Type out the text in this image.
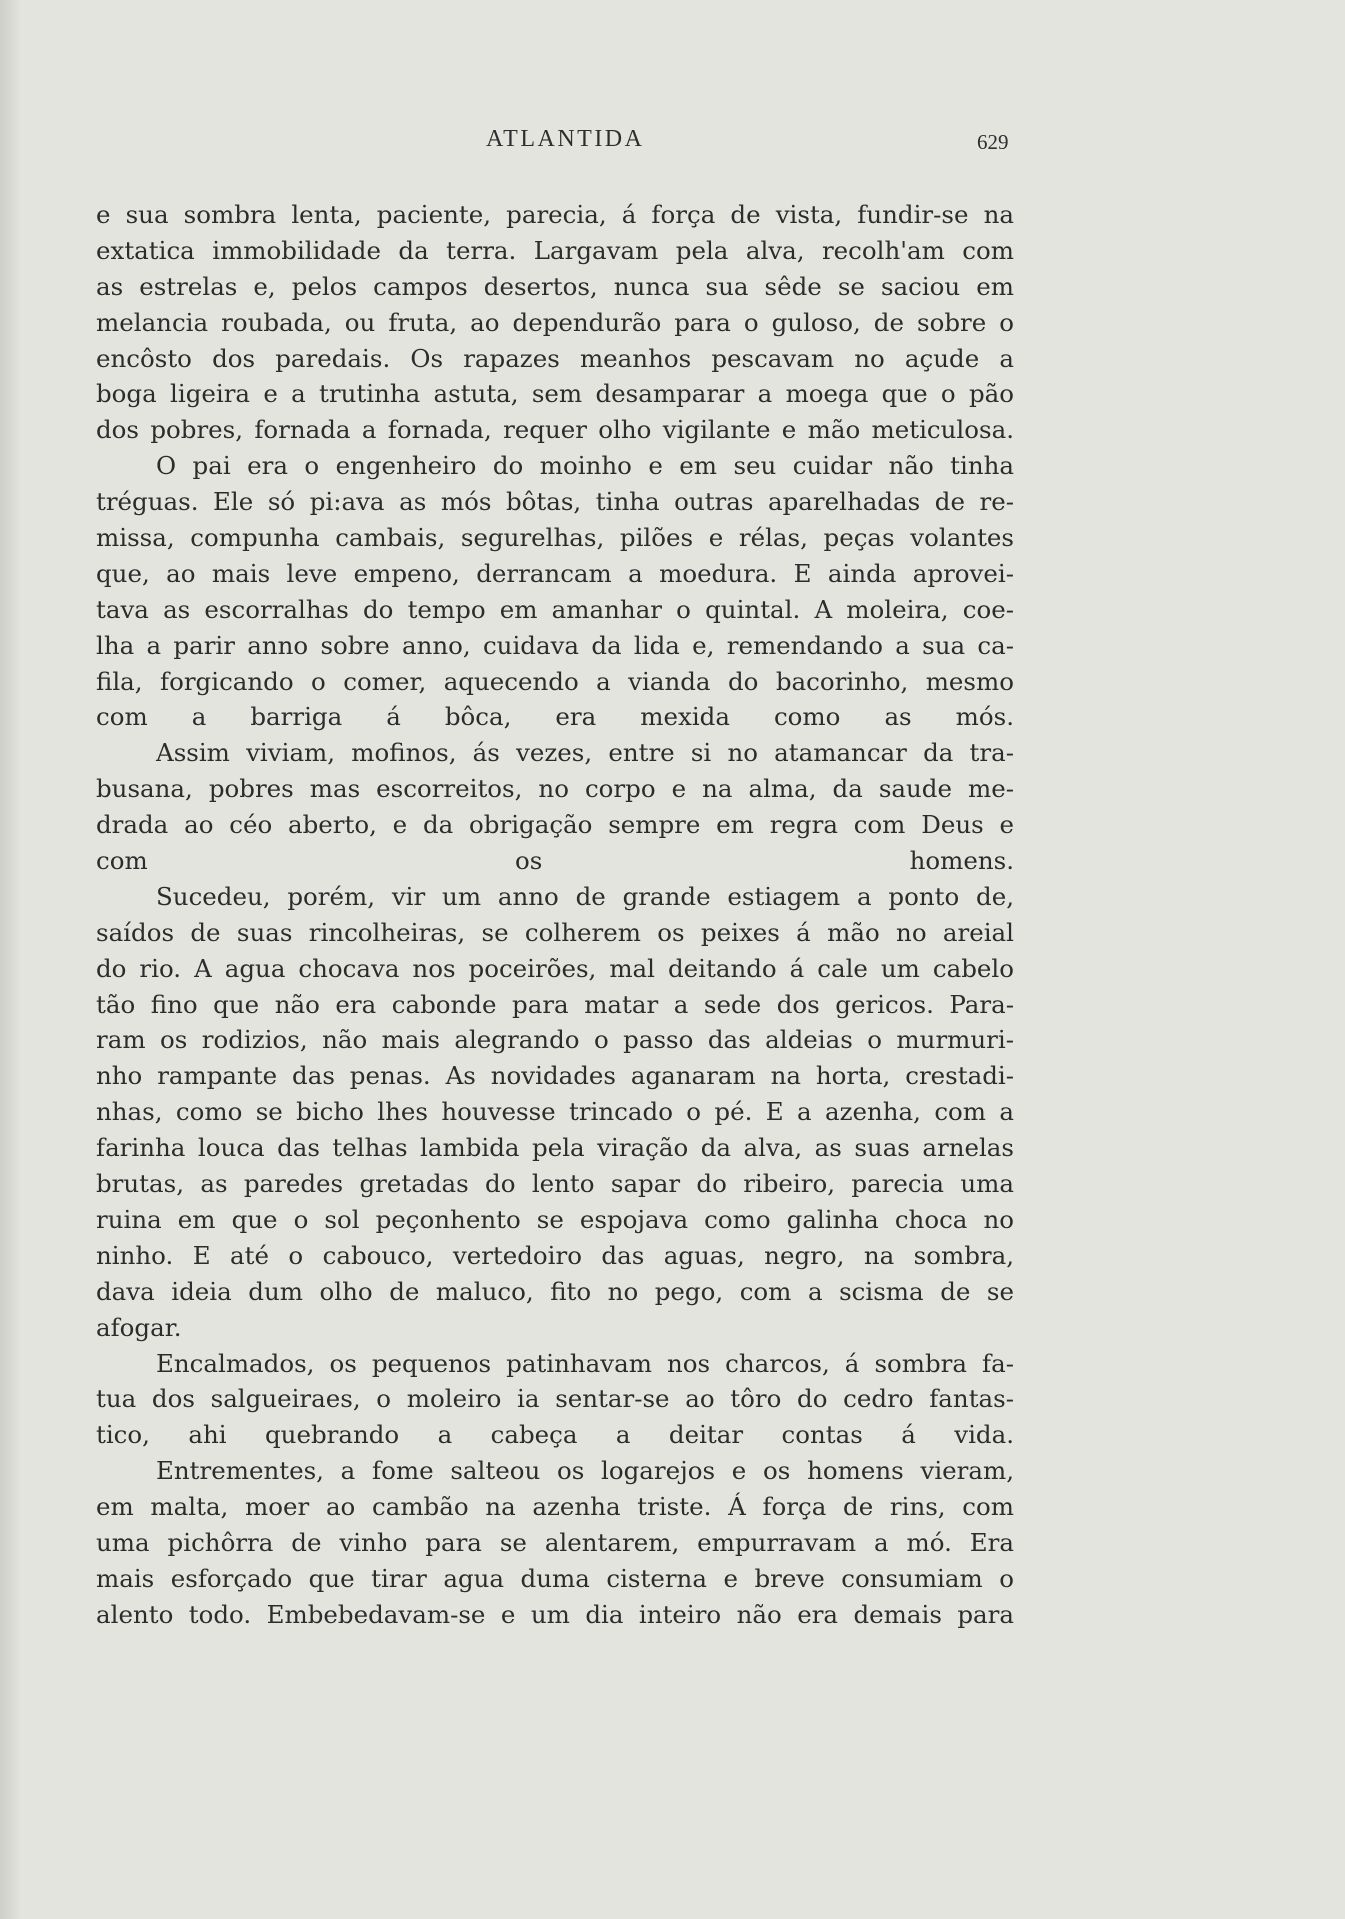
ATLANTIDA	629
e sua sombra lenta, paciente, parecia, á força de vista, fundir-se na
extatica immobilidade da terra. Largavam pela alva, recolh'am com
as estrelas e, pelos campos desertos, nunca sua sêde se saciou em
melancia roubada, ou fruta, ao dependurão para o guloso, de sobre o
encôsto dos paredais. Os rapazes meanhos pescavam no açude a
boga ligeira e a trutinha astuta, sem desamparar a moega que o pão
dos pobres, fornada a fornada, requer olho vigilante e mão meticulosa.
O pai era o engenheiro do moinho e em seu cuidar não tinha
tréguas. Ele só pi:ava as mós bôtas, tinha outras aparelhadas de re-
missa, compunha cambais, segurelhas, pilões e rélas, peças volantes
que, ao mais leve empeno, derrancam a moedura. E ainda aprovei-
tava as escorralhas do tempo em amanhar o quintal. A moleira, coe-
lha a parir anno sobre anno, cuidava da lida e, remendando a sua ca-
fila, forgicando o comer, aquecendo a vianda do bacorinho, mesmo
com a barriga á bôca, era mexida como as mós.
Assim viviam, mofinos, ás vezes, entre si no atamancar da tra-
busana, pobres mas escorreitos, no corpo e na alma, da saude me-
drada ao céo aberto, e da obrigação sempre em regra com Deus e
com os homens.
Sucedeu, porém, vir um anno de grande estiagem a ponto de,
saídos de suas rincolheiras, se colherem os peixes á mão no areial
do rio. A agua chocava nos poceirões, mal deitando á cale um cabelo
tão fino que não era cabonde para matar a sede dos gericos. Para-
ram os rodizios, não mais alegrando o passo das aldeias o murmuri-
nho rampante das penas. As novidades aganaram na horta, crestadi-
nhas, como se bicho lhes houvesse trincado o pé. E a azenha, com a
farinha louca das telhas lambida pela viração da alva, as suas arnelas
brutas, as paredes gretadas do lento sapar do ribeiro, parecia uma
ruina em que o sol peçonhento se espojava como galinha choca no
ninho. E até o cabouco, vertedoiro das aguas, negro, na sombra,
dava ideia dum olho de maluco, fito no pego, com a scisma de se
afogar.
Encalmados, os pequenos patinhavam nos charcos, á sombra fa-
tua dos salgueiraes, o moleiro ia sentar-se ao tôro do cedro fantas-
tico, ahi quebrando a cabeça a deitar contas á vida.
Entrementes, a fome salteou os logarejos e os homens vieram,
em malta, moer ao cambão na azenha triste. Á força de rins, com
uma pichôrra de vinho para se alentarem, empurravam a mó. Era
mais esforçado que tirar agua duma cisterna e breve consumiam o
alento todo. Embebedavam-se e um dia inteiro não era demais para
